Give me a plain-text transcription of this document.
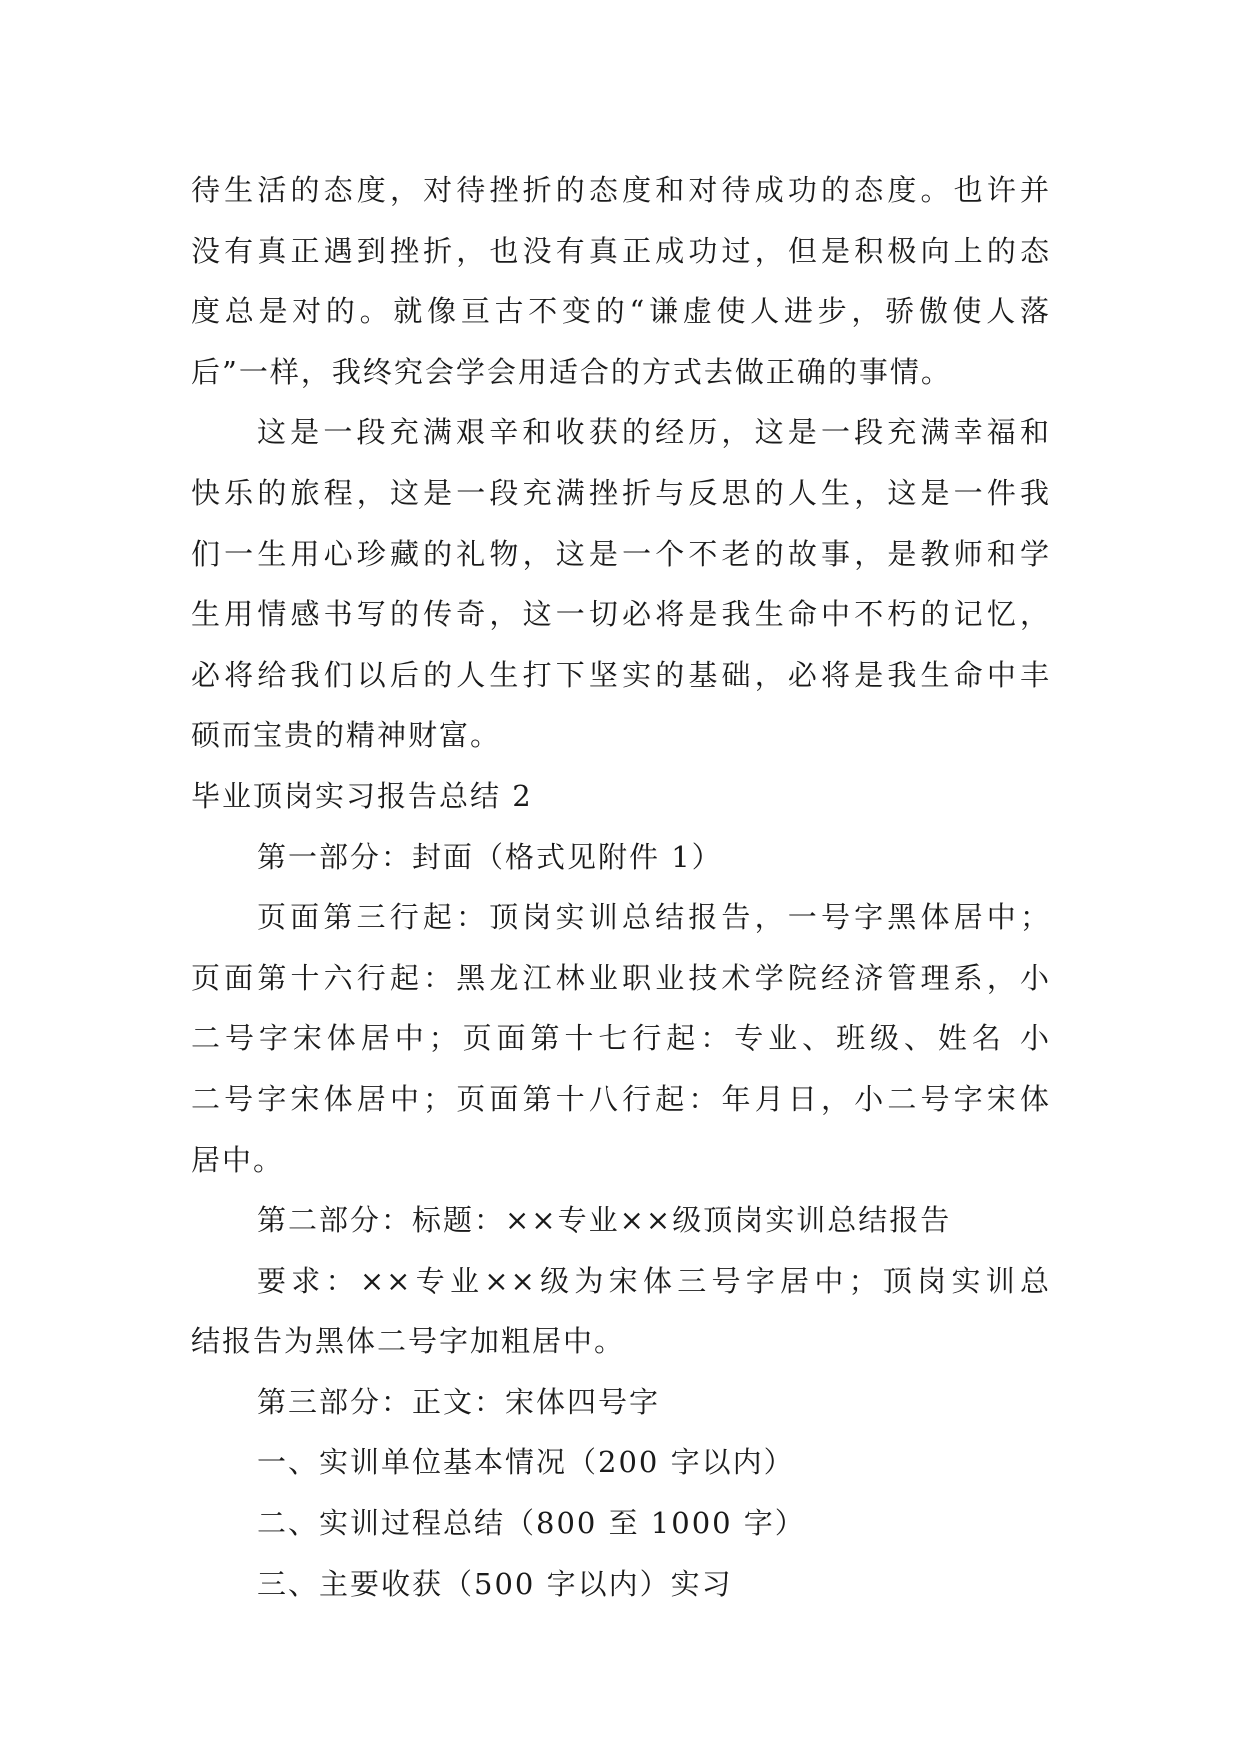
待生活的态度，对待挫折的态度和对待成功的态度。也许并
没有真正遇到挫折，也没有真正成功过，但是积极向上的态
度总是对的。就像亘古不变的“谦虚使人进步，骄傲使人落
后”一样，我终究会学会用适合的方式去做正确的事情。
这是一段充满艰辛和收获的经历，这是一段充满幸福和
快乐的旅程，这是一段充满挫折与反思的人生，这是一件我
们一生用心珍藏的礼物，这是一个不老的故事，是教师和学
生用情感书写的传奇，这一切必将是我生命中不朽的记忆，
必将给我们以后的人生打下坚实的基础，必将是我生命中丰
硕而宝贵的精神财富。
毕业顶岗实习报告总结 2
第一部分：封面（格式见附件 1）
页面第三行起：顶岗实训总结报告，一号字黑体居中；
页面第十六行起：黑龙江林业职业技术学院经济管理系，小
二号字宋体居中；页面第十七行起：专业、班级、姓名 小
二号字宋体居中；页面第十八行起：年月日，小二号字宋体
居中。
第二部分：标题：××专业××级顶岗实训总结报告
要求：××专业××级为宋体三号字居中；顶岗实训总
结报告为黑体二号字加粗居中。
第三部分：正文：宋体四号字
一、实训单位基本情况（200 字以内）
二、实训过程总结（800 至 1000 字）
三、主要收获（500 字以内）实习
